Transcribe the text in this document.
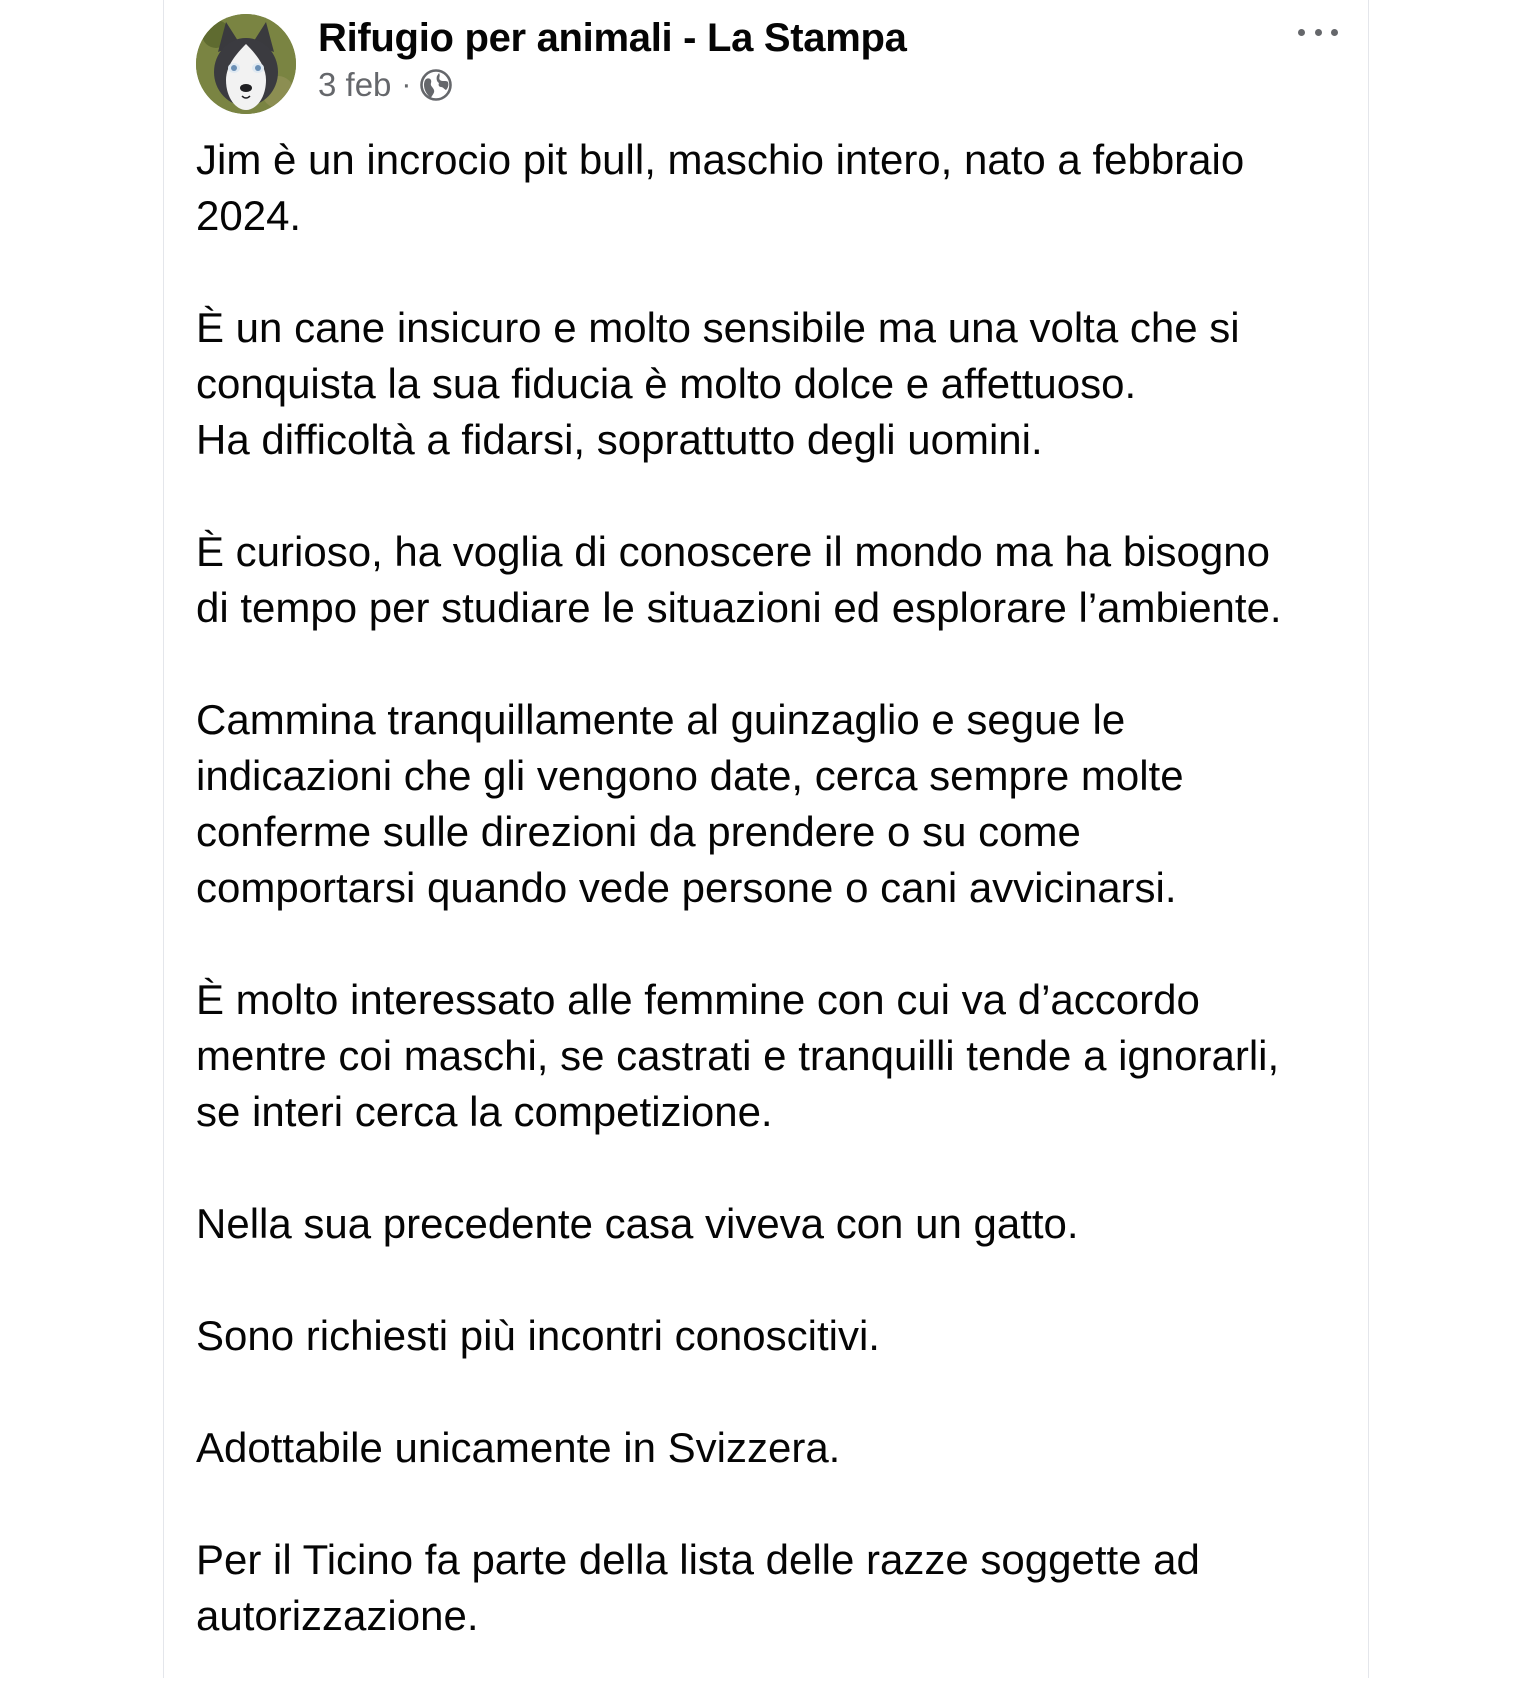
Rifugio per animali - La Stampa
3 feb ·

Jim è un incrocio pit bull, maschio intero, nato a febbraio
2024.

È un cane insicuro e molto sensibile ma una volta che si
conquista la sua fiducia è molto dolce e affettuoso.
Ha difficoltà a fidarsi, soprattutto degli uomini.

È curioso, ha voglia di conoscere il mondo ma ha bisogno
di tempo per studiare le situazioni ed esplorare l’ambiente.

Cammina tranquillamente al guinzaglio e segue le
indicazioni che gli vengono date, cerca sempre molte
conferme sulle direzioni da prendere o su come
comportarsi quando vede persone o cani avvicinarsi.

È molto interessato alle femmine con cui va d’accordo
mentre coi maschi, se castrati e tranquilli tende a ignorarli,
se interi cerca la competizione.

Nella sua precedente casa viveva con un gatto.

Sono richiesti più incontri conoscitivi.

Adottabile unicamente in Svizzera.

Per il Ticino fa parte della lista delle razze soggette ad
autorizzazione.
